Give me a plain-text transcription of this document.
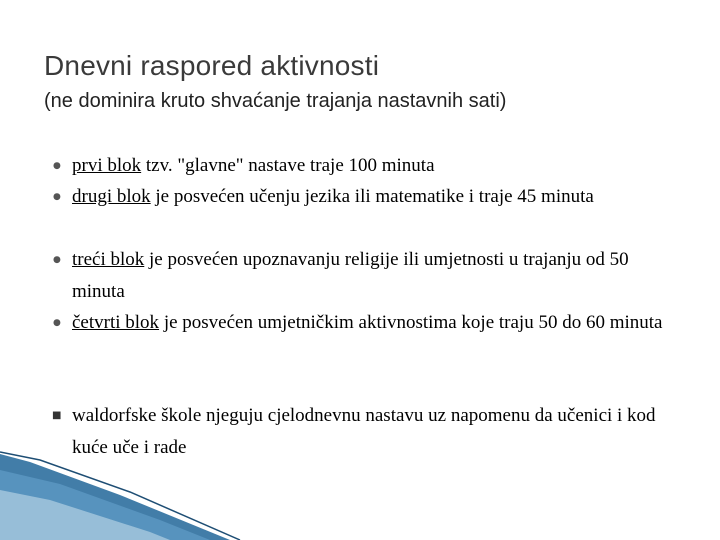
Dnevni raspored aktivnosti
(ne dominira kruto shvaćanje trajanja nastavnih sati)
● prvi blok tzv. "glavne" nastave traje 100 minuta
● drugi blok je posvećen učenju jezika ili matematike i traje 45 minuta
● treći blok je posvećen upoznavanju religije ili umjetnosti u trajanju od 50 minuta
● četvrti blok je posvećen umjetničkim aktivnostima koje traju 50 do 60 minuta
■ waldorfske škole njeguju cjelodnevnu nastavu uz napomenu da učenici i kod kuće uče i rade
